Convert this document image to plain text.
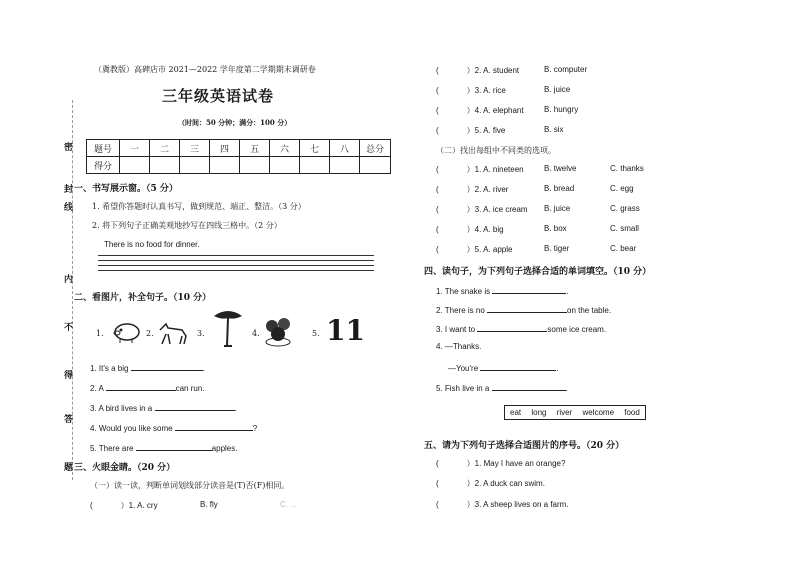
密
封
线
内
不
得
答
题
（冀教版）高碑店市 2021—2022 学年度第二学期期末调研卷
三年级英语试卷
（时间：50 分钟；满分：100 分）
题号	一	二	三	四	五	六	七	八	总分
得分									
一、书写展示窗。（5 分）
1. 希望你答题时认真书写，做到规范、端正、整洁。（3 分）
2. 将下列句子正确美观地抄写在四线三格中。（2 分）
There is no food for dinner.
二、看图片，补全句子。（10 分）
1.	2.	3.	4.	5. 11
1. It's a big	.
2. A	can run.
3. A bird lives in a	.
4. Would you like some	?
5. There are	apples.
三、火眼金睛。（20 分）
（一）读一读，判断单词划线部分读音是(T)否(F)相同。
(	）1. A. cry	B. fly	C. ...
(	）2. A. student	B. computer
(	）3. A. rice	B. juice
(	）4. A. elephant	B. hungry
(	）5. A. five	B. six
（二）找出每组中不同类的选项。
(	）1. A. nineteen	B. twelve	C. thanks
(	）2. A. river	B. bread	C. egg
(	）3. A. ice cream B. juice	C. grass
(	）4. A. big	B. box	C. small
(	）5. A. apple	B. tiger	C. bear
四、读句子，为下列句子选择合适的单词填空。（10 分）
1. The snake is	.
2. There is no	on the table.
3. I want to	some ice cream.
4. —Thanks.
—You're	.
5. Fish live in a	.
eat long river welcome food
五、请为下列句子选择合适图片的序号。（20 分）
(	）1. May I have an orange?
(	）2. A duck can swim.
(	）3. A sheep lives on a farm.
